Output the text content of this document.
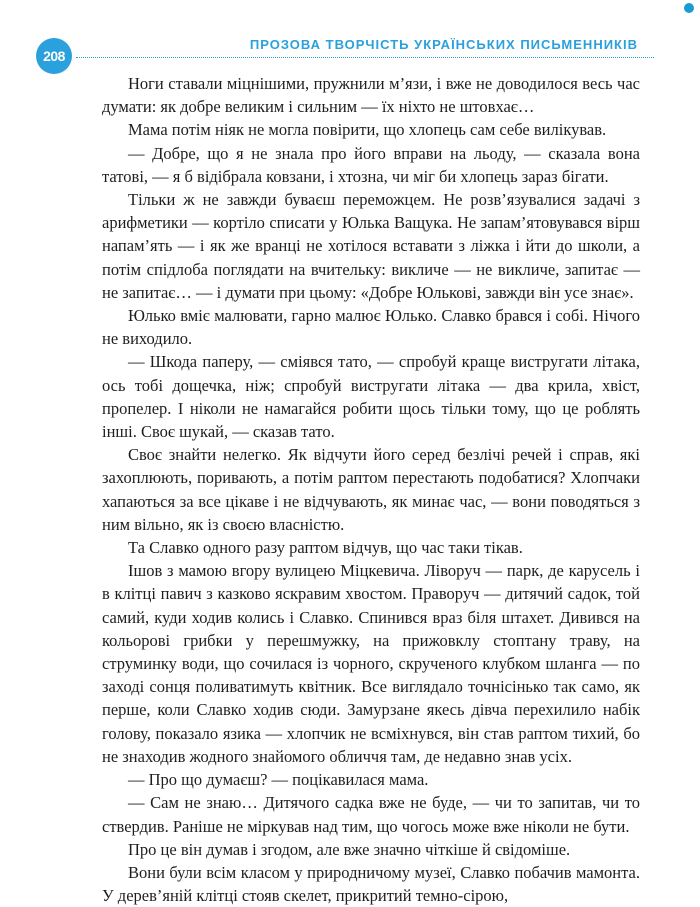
208
ПРОЗОВА ТВОРЧІСТЬ УКРАЇНСЬКИХ ПИСЬМЕННИКІВ

Ноги ставали міцнішими, пружнили м’язи, і вже не доводилося весь час думати: як добре великим і сильним — їх ніхто не штовхає…

Мама потім ніяк не могла повірити, що хлопець сам себе вилікував.

— Добре, що я не знала про його вправи на льоду, — сказала вона татові, — я б відібрала ковзани, і хтозна, чи міг би хлопець зараз бігати.

Тільки ж не завжди буваєш переможцем. Не розв’язувалися задачі з арифметики — кортіло списати у Юлька Ващука. Не запам’ятовувався вірш напам’ять — і як же вранці не хотілося вставати з ліжка і йти до школи, а потім спідлоба поглядати на вчительку: викличе — не викличе, запитає — не запитає… — і думати при цьому: «Добре Юлькові, завжди він усе знає».

Юлько вміє малювати, гарно малює Юлько. Славко брався і собі. Нічого не виходило.

— Шкода паперу, — сміявся тато, — спробуй краще вистругати літака, ось тобі дощечка, ніж; спробуй вистругати літака — два крила, хвіст, пропелер. І ніколи не намагайся робити щось тільки тому, що це роблять інші. Своє шукай, — сказав тато.

Своє знайти нелегко. Як відчути його серед безлічі речей і справ, які захоплюють, поривають, а потім раптом перестають подобатися? Хлопчаки хапаються за все цікаве і не відчувають, як минає час, — вони поводяться з ним вільно, як із своєю власністю.

Та Славко одного разу раптом відчув, що час таки тікав.

Ішов з мамою вгору вулицею Міцкевича. Ліворуч — парк, де карусель і в клітці павич з казково яскравим хвостом. Праворуч — дитячий садок, той самий, куди ходив колись і Славко. Спинився враз біля штахет. Дивився на кольорові грибки у перешмужку, на прижовклу стоптану траву, на струминку води, що сочилася із чорного, скрученого клубком шланга — по заході сонця поливатимуть квітник. Все виглядало точнісінько так само, як перше, коли Славко ходив сюди. Замурзане якесь дівча перехилило набік голову, показало язика — хлопчик не всміхнувся, він став раптом тихий, бо не знаходив жодного знайомого обличчя там, де недавно знав усіх.

— Про що думаєш? — поцікавилася мама.

— Сам не знаю… Дитячого садка вже не буде, — чи то запитав, чи то ствердив. Раніше не міркував над тим, що чогось може вже ніколи не бути.

Про це він думав і згодом, але вже значно чіткіше й свідоміше.

Вони були всім класом у природничому музеї, Славко побачив мамонта. У дерев’яній клітці стояв скелет, прикритий темно-сірою,
